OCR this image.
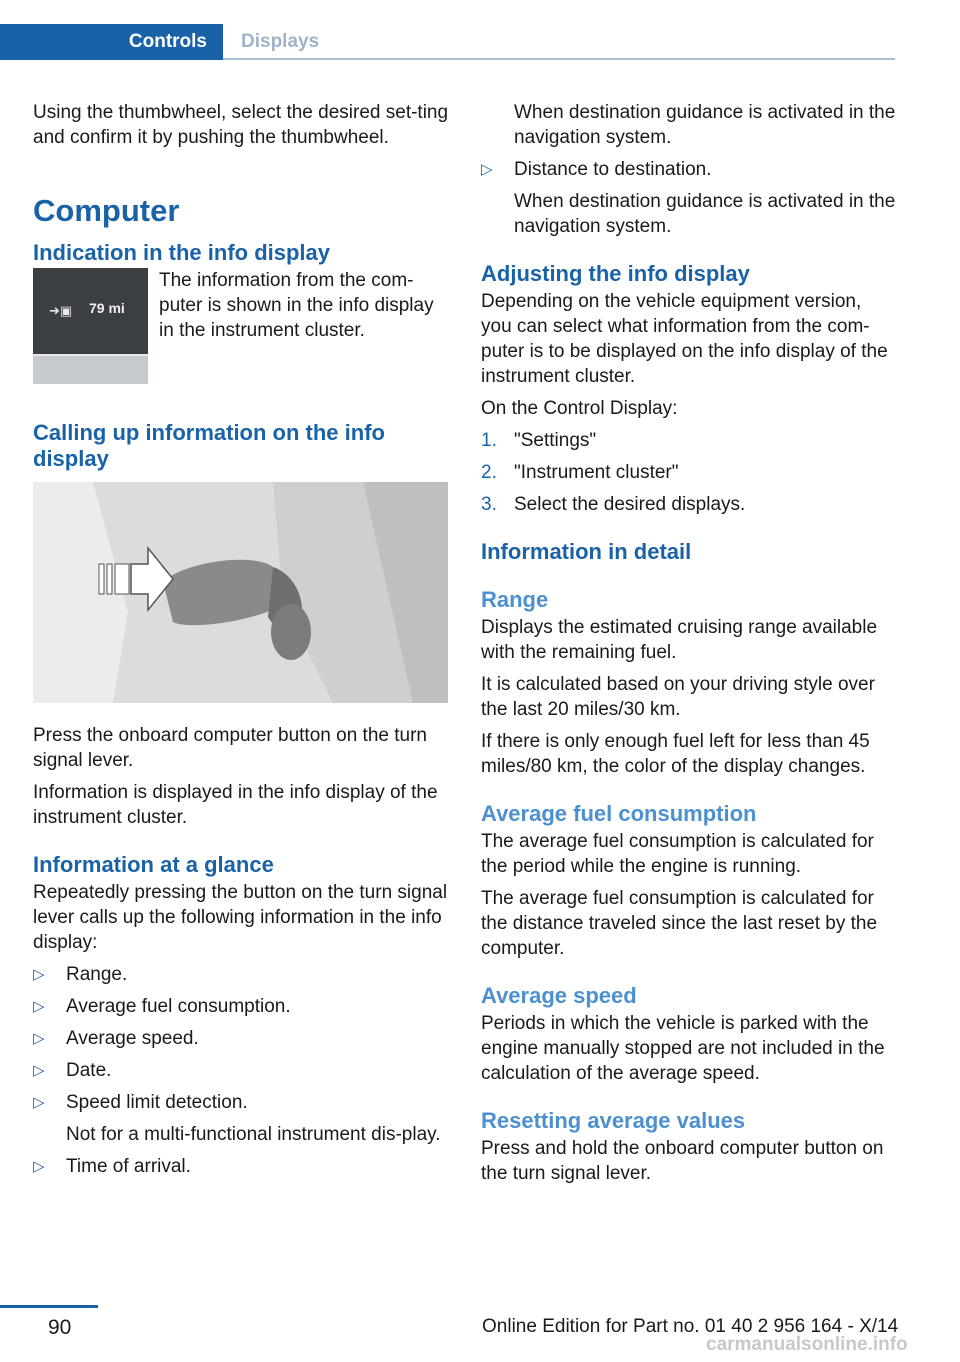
Controls	Displays

Using the thumbwheel, select the desired set-ting and confirm it by pushing the thumbwheel.

Computer
Indication in the info display
➜▣ 79 mi

The information from the com-puter is shown in the info display in the instrument cluster.

Calling up information on the info display

Press the onboard computer button on the turn signal lever.

Information is displayed in the info display of the instrument cluster.

Information at a glance

Repeatedly pressing the button on the turn signal lever calls up the following information in the info display:

▷ Range.
▷ Average fuel consumption.
▷ Average speed.
▷ Date.
▷ Speed limit detection.
Not for a multi-functional instrument dis-play.
▷ Time of arrival.
When destination guidance is activated in the navigation system.
▷ Distance to destination.
When destination guidance is activated in the navigation system.
Adjusting the info display

Depending on the vehicle equipment version, you can select what information from the com-puter is to be displayed on the info display of the instrument cluster.

On the Control Display:

1. "Settings"
2. "Instrument cluster"
3. Select the desired displays.
Information in detail
Range

Displays the estimated cruising range available with the remaining fuel.

It is calculated based on your driving style over the last 20 miles/30 km.

If there is only enough fuel left for less than 45 miles/80 km, the color of the display changes.

Average fuel consumption

The average fuel consumption is calculated for the period while the engine is running.

The average fuel consumption is calculated for the distance traveled since the last reset by the computer.

Average speed

Periods in which the vehicle is parked with the engine manually stopped are not included in the calculation of the average speed.

Resetting average values

Press and hold the onboard computer button on the turn signal lever.

90	Online Edition for Part no. 01 40 2 956 164 - X/14
carmanualsonline.info
